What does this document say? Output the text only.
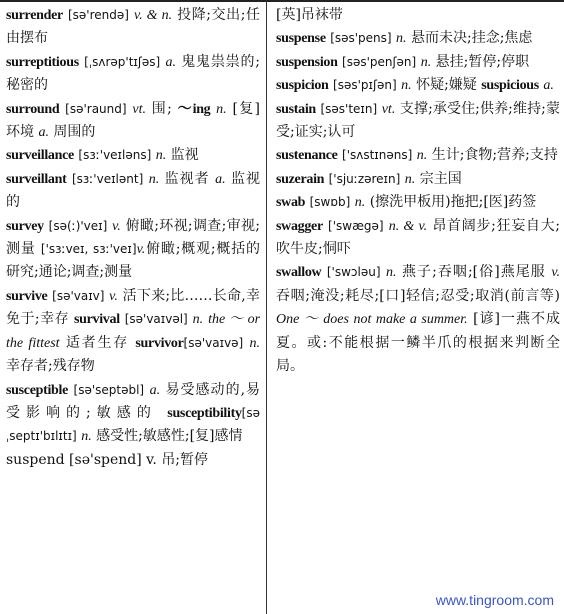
surrender [sə'rendə] v. & n. 投降;交出;任由摆布

surreptitious [ˌsʌrəp'tɪʃəs] a. 鬼鬼祟祟的;秘密的

surround [sə'raund] vt. 围; ～ing n. [复]环境 a. 周围的

surveillance [sɜː'veɪləns] n. 监视

surveillant [sɜː'veɪlənt] n. 监视者 a. 监视的

survey [sə(ː)'veɪ] v. 俯瞰;环视;调查;审视;测量 ['sɜːveɪ, sɜː'veɪ]v.俯瞰;概观;概括的研究;通论;调查;测量

survive [sə'vaɪv] v. 活下来;比……长命,幸免于;幸存 survival [sə'vaɪvəl] n. the ～ or the fittest 适者生存 survivor[sə'vaɪvə] n. 幸存者;残存物

susceptible [sə'septəbl] a. 易受感动的,易受影响的;敏感的 susceptibility[səˌseptɪ'bɪlɪtɪ] n. 感受性;敏感性;[复]感情

suspend [sə'spend] v. 吊;暂停

[英]吊袜带

suspense [səs'pens] n. 悬而未决;挂念;焦虑

suspension [səs'penʃən] n. 悬挂;暂停;停职

suspicion [səs'pɪʃən] n. 怀疑;嫌疑 suspicious a.

sustain [səs'teɪn] vt. 支撑;承受住;供养;维持;蒙受;证实;认可

sustenance ['sʌstɪnəns] n. 生计;食物;营养;支持

suzerain ['sjuːzəreɪn] n. 宗主国

swab [swɒb] n. (擦洗甲板用)拖把;[医]药签

swagger ['swægə] n. & v. 昂首阔步;狂妄自大;吹牛皮;恫吓

swallow ['swɔləu] n. 燕子;吞咽;[俗]燕尾服 v. 吞咽;淹没;耗尽;[口]轻信;忍受;取消(前言等) One ～ does not make a summer. [谚]一燕不成夏。或:不能根据一鳞半爪的根据来判断全局。

www.tingroom.com
